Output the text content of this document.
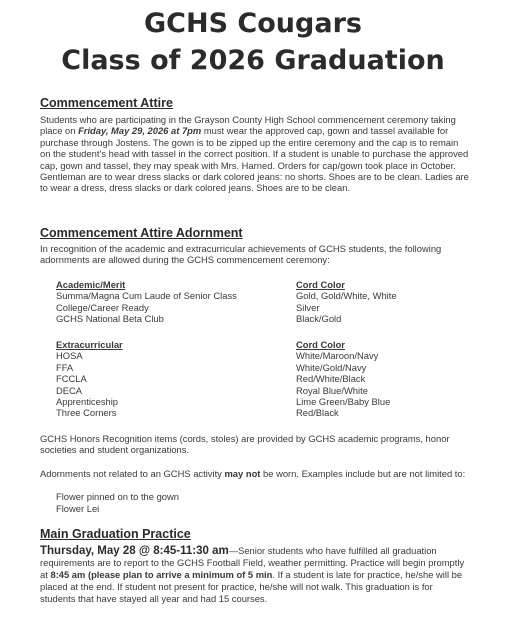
GCHS Cougars
Class of 2026 Graduation
Commencement Attire
Students who are participating in the Grayson County High School commencement ceremony taking place on Friday, May 29, 2026 at 7pm must wear the approved cap, gown and tassel available for purchase through Jostens. The gown is to be zipped up the entire ceremony and the cap is to remain on the student’s head with tassel in the correct position. If a student is unable to purchase the approved cap, gown and tassel, they may speak with Mrs. Harned. Orders for cap/gown took place in October. Gentleman are to wear dress slacks or dark colored jeans: no shorts. Shoes are to be clean. Ladies are to wear a dress, dress slacks or dark colored jeans. Shoes are to be clean.
Commencement Attire Adornment
In recognition of the academic and extracurricular achievements of GCHS students, the following adornments are allowed during the GCHS commencement ceremony:
Academic/Merit
Summa/Magna Cum Laude of Senior Class
College/Career Ready
GCHS National Beta Club
Cord Color
Gold, Gold/White, White
Silver
Black/Gold
Extracurricular
HOSA
FFA
FCCLA
DECA
Apprenticeship
Three Corners
Cord Color
White/Maroon/Navy
White/Gold/Navy
Red/White/Black
Royal Blue/White
Lime Green/Baby Blue
Red/Black
GCHS Honors Recognition items (cords, stoles) are provided by GCHS academic programs, honor societies and student organizations.
Adornments not related to an GCHS activity may not be worn. Examples include but are not limited to:
Flower pinned on to the gown
Flower Lei
Main Graduation Practice
Thursday, May 28 @ 8:45-11:30 am—Senior students who have fulfilled all graduation requirements are to report to the GCHS Football Field, weather permitting. Practice will begin promptly at 8:45 am (please plan to arrive a minimum of 5 min. If a student is late for practice, he/she will be placed at the end. If student not present for practice, he/she will not walk. This graduation is for students that have stayed all year and had 15 courses.
